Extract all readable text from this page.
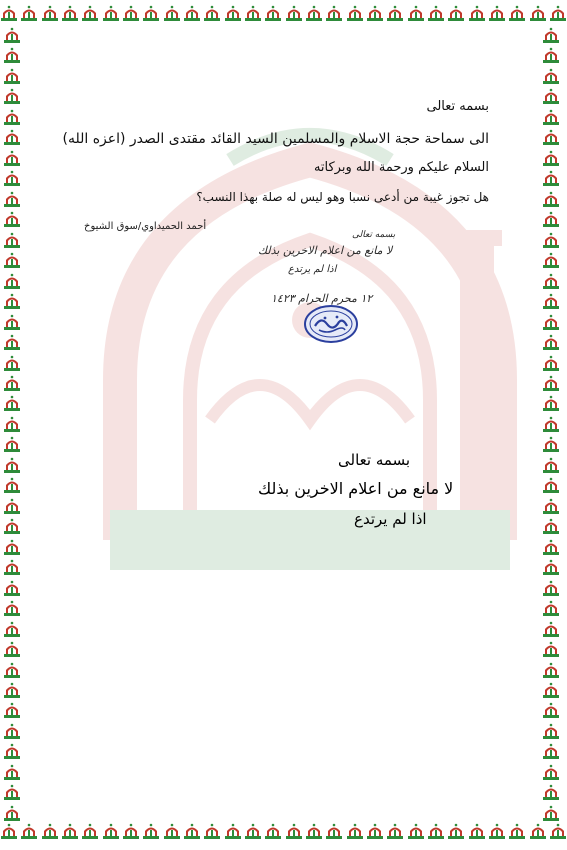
بسمه تعالى
الى سماحة حجة الاسلام والمسلمين السيد القائد مقتدى الصدر (اعزه الله)
السلام عليكم ورحمة الله وبركاته
هل تجوز غيبة من أدعى نسبا وهو ليس له صلة بهذا النسب؟
أحمد الحميداوي/سوق الشيوخ
بسمه تعالى
لا مانع من اعلام الاخرين بذلك
اذا لم يرتدع
١٢ محرم الحرام ١٤٢٣
بسمه تعالى
لا مانع من اعلام الاخرين بذلك
اذا لم يرتدع
